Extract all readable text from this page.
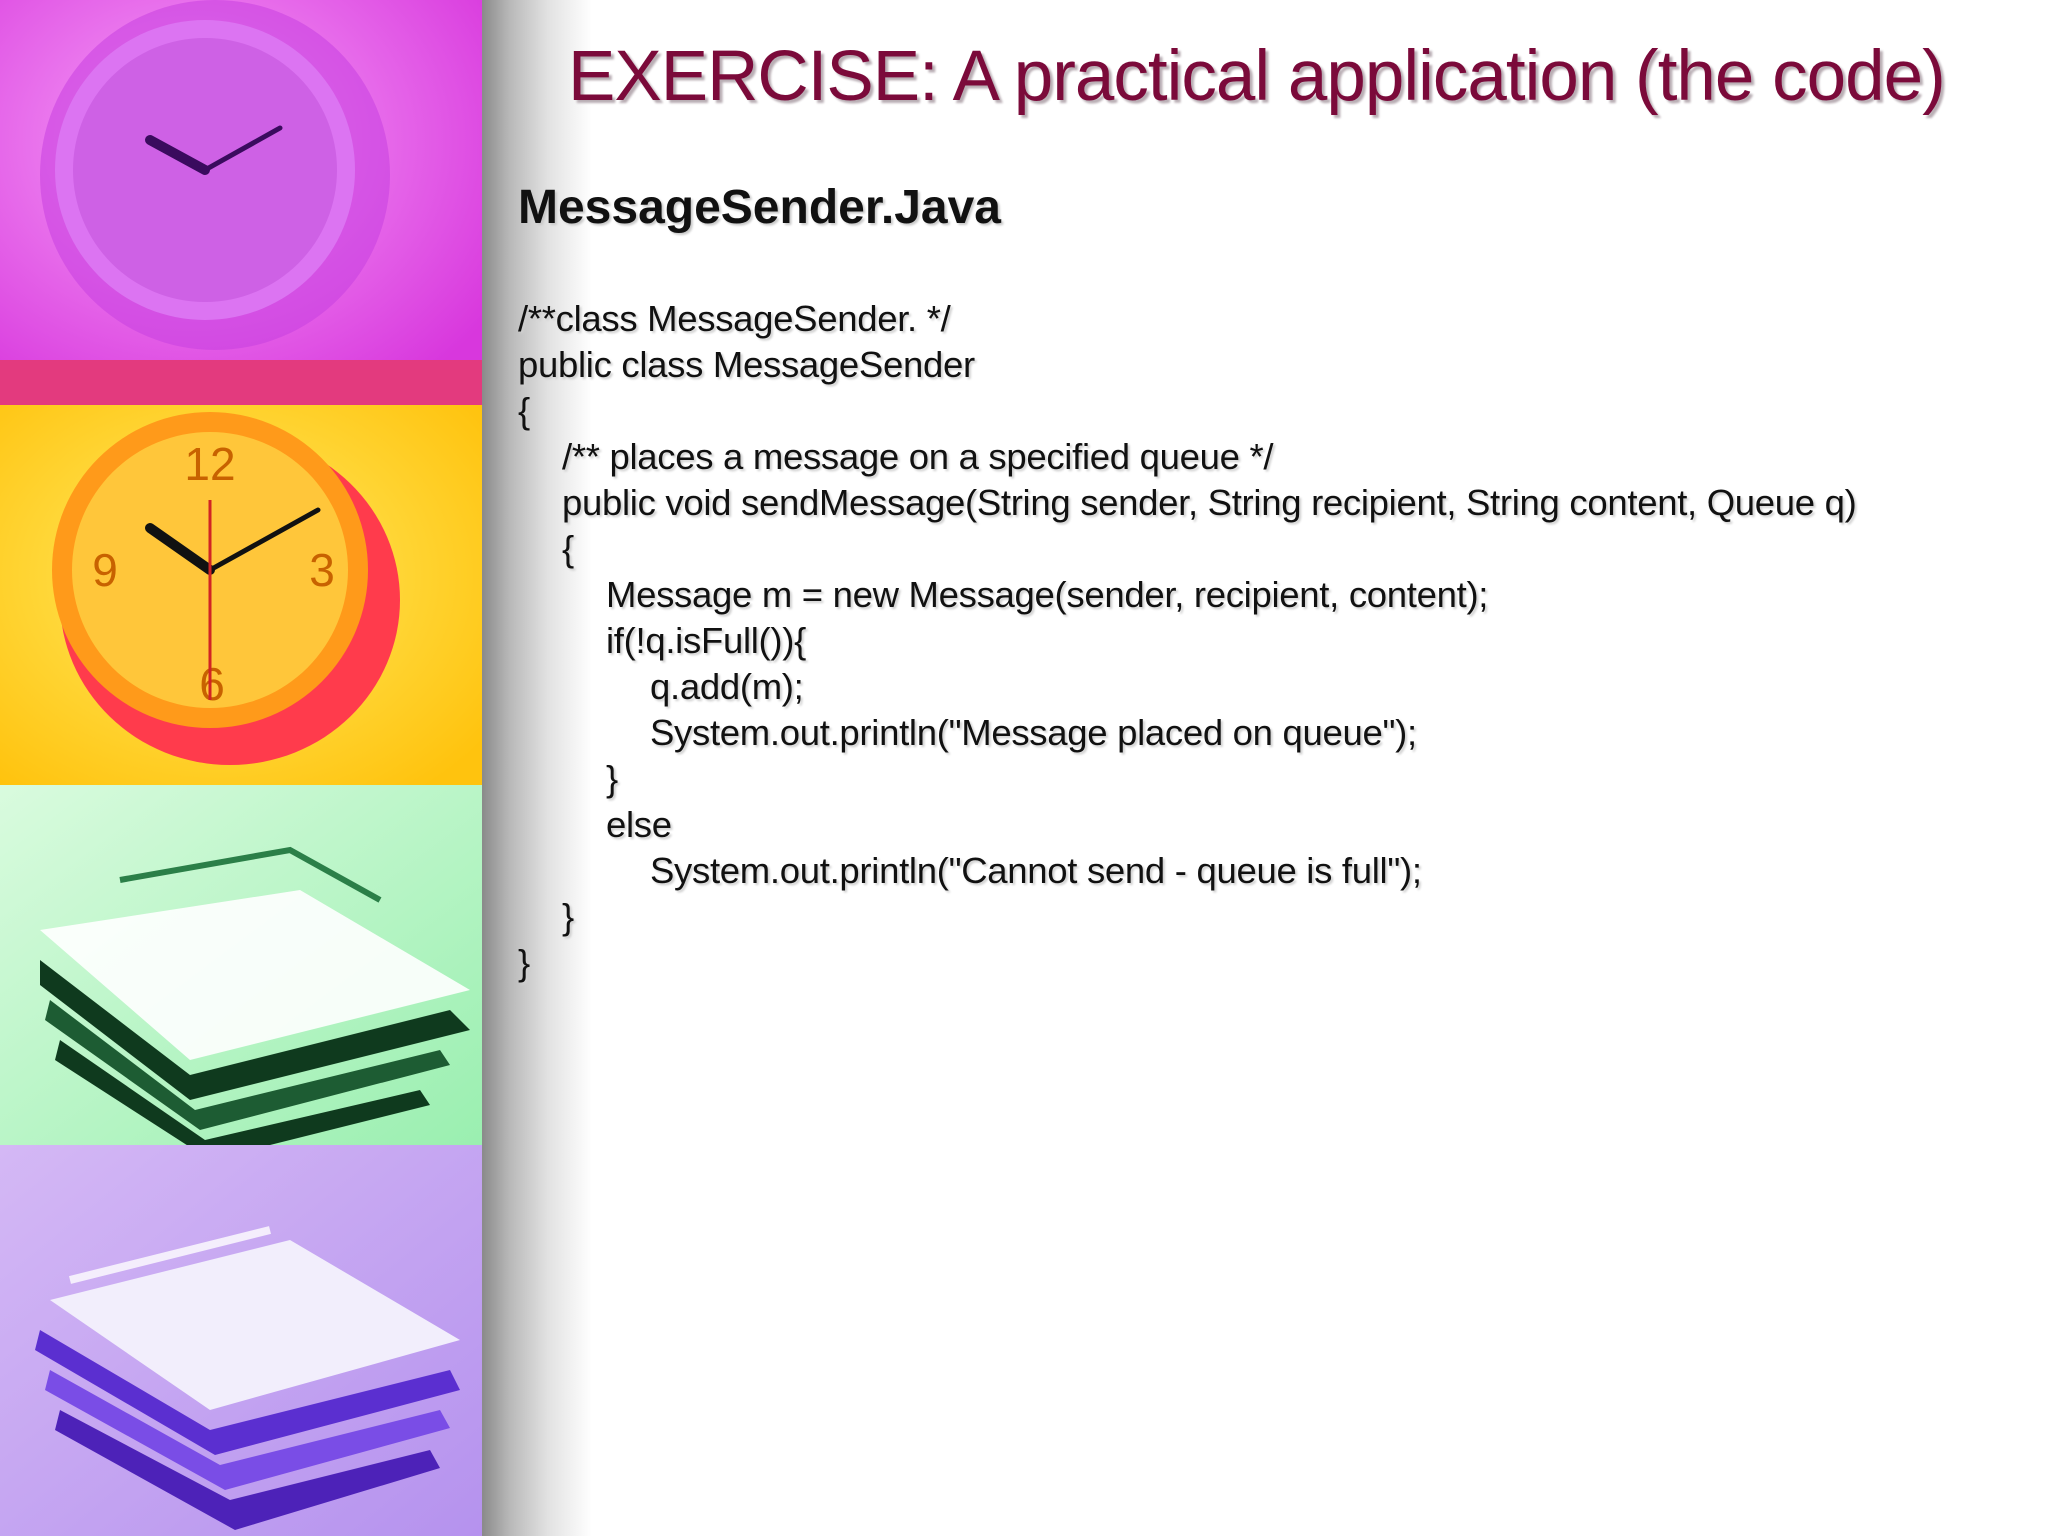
12
3
6
9
EXERCISE: A practical application (the code)
MessageSender.Java
/**class MessageSender. */
public class MessageSender
{
/** places a message on a specified queue */
public void sendMessage(String sender, String recipient, String content, Queue q)
{
Message m = new Message(sender, recipient, content);
if(!q.isFull()){
q.add(m);
System.out.println("Message placed on queue");
}
else
System.out.println("Cannot send - queue is full");
}
}
